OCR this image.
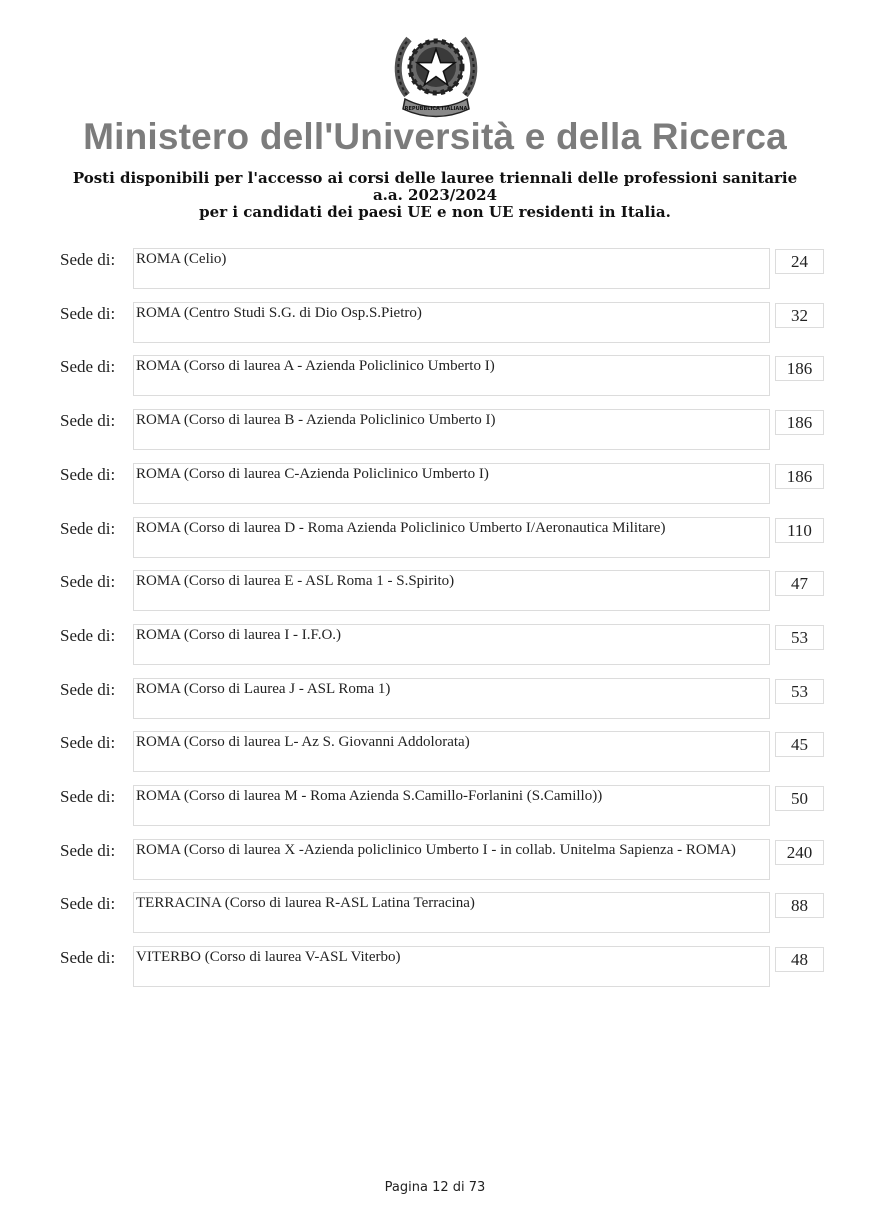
REPUBBLICA ITALIANA
Ministero dell'Università e della Ricerca
Posti disponibili per l'accesso ai corsi delle lauree triennali delle professioni sanitarie
a.a. 2023/2024
per i candidati dei paesi UE e non UE residenti in Italia.
Sede di: ROMA (Celio)	24
Sede di: ROMA (Centro Studi S.G. di Dio Osp.S.Pietro)	32
Sede di: ROMA (Corso di laurea A - Azienda Policlinico Umberto I)	186
Sede di: ROMA (Corso di laurea B - Azienda Policlinico Umberto I)	186
Sede di: ROMA (Corso di laurea C-Azienda Policlinico Umberto I)	186
Sede di: ROMA (Corso di laurea D - Roma Azienda Policlinico Umberto I/Aeronautica Militare)	110
Sede di: ROMA (Corso di laurea E - ASL Roma 1 - S.Spirito)	47
Sede di: ROMA (Corso di laurea I - I.F.O.)	53
Sede di: ROMA (Corso di Laurea J - ASL Roma 1)	53
Sede di: ROMA (Corso di laurea L- Az S. Giovanni Addolorata)	45
Sede di: ROMA (Corso di laurea M - Roma Azienda S.Camillo-Forlanini (S.Camillo))	50
Sede di: ROMA (Corso di laurea X -Azienda policlinico Umberto I - in collab. Unitelma Sapienza - ROMA)	240
Sede di: TERRACINA (Corso di laurea R-ASL Latina Terracina)	88
Sede di: VITERBO (Corso di laurea V-ASL Viterbo)	48
Pagina 12 di 73
